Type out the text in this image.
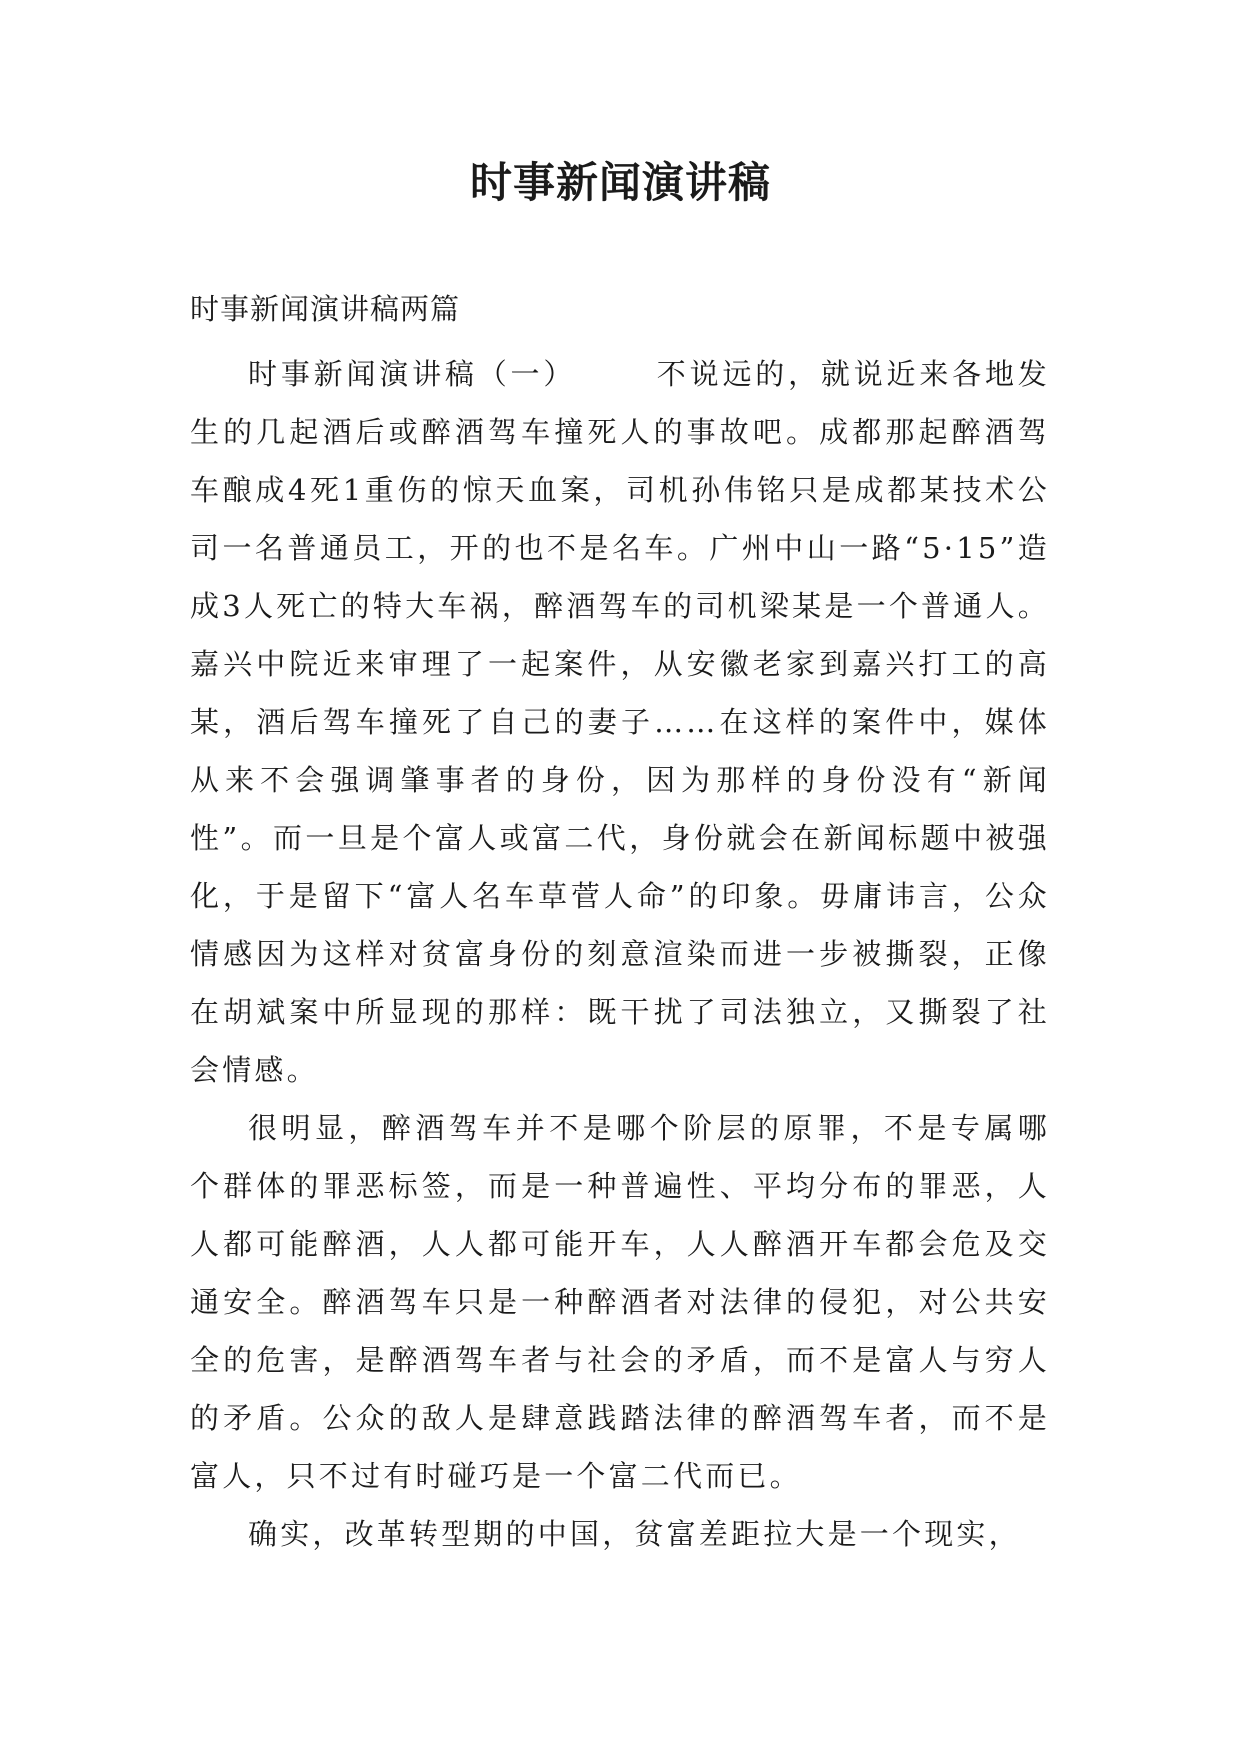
时事新闻演讲稿
时事新闻演讲稿两篇

时事新闻演讲稿（一）	不说远的，就说近来各地发生的几起酒后或醉酒驾车撞死人的事故吧。成都那起醉酒驾车酿成4死1重伤的惊天血案，司机孙伟铭只是成都某技术公司一名普通员工，开的也不是名车。广州中山一路“5·15”造成3人死亡的特大车祸，醉酒驾车的司机梁某是一个普通人。嘉兴中院近来审理了一起案件，从安徽老家到嘉兴打工的高某，酒后驾车撞死了自己的妻子……在这样的案件中，媒体从来不会强调肇事者的身份，因为那样的身份没有“新闻性”。而一旦是个富人或富二代，身份就会在新闻标题中被强化，于是留下“富人名车草菅人命”的印象。毋庸讳言，公众情感因为这样对贫富身份的刻意渲染而进一步被撕裂，正像在胡斌案中所显现的那样：既干扰了司法独立，又撕裂了社会情感。

很明显，醉酒驾车并不是哪个阶层的原罪，不是专属哪个群体的罪恶标签，而是一种普遍性、平均分布的罪恶，人人都可能醉酒，人人都可能开车，人人醉酒开车都会危及交通安全。醉酒驾车只是一种醉酒者对法律的侵犯，对公共安全的危害，是醉酒驾车者与社会的矛盾，而不是富人与穷人的矛盾。公众的敌人是肆意践踏法律的醉酒驾车者，而不是富人，只不过有时碰巧是一个富二代而已。

确实，改革转型期的中国，贫富差距拉大是一个现实，
